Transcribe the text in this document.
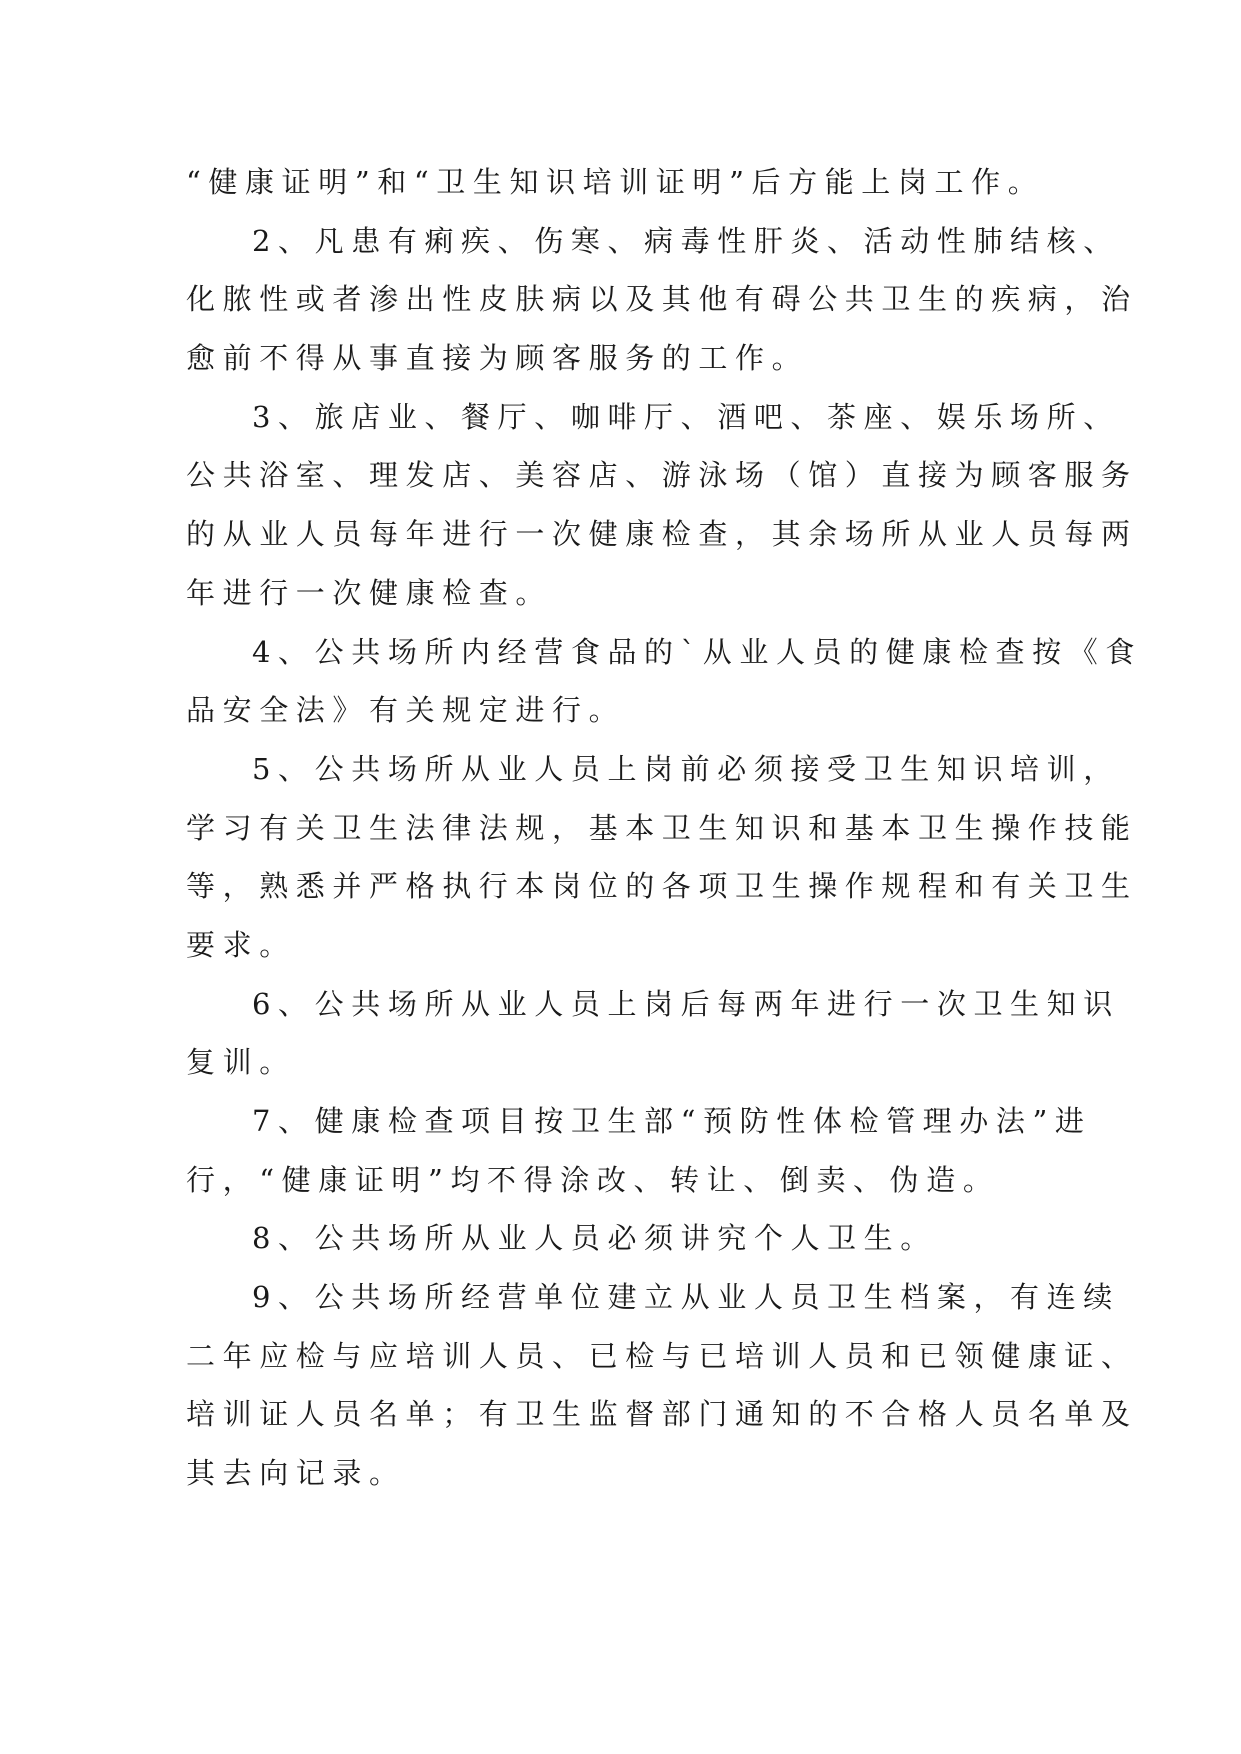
“健康证明”和“卫生知识培训证明”后方能上岗工作。
2、凡患有痢疾、伤寒、病毒性肝炎、活动性肺结核、
化脓性或者渗出性皮肤病以及其他有碍公共卫生的疾病，治
愈前不得从事直接为顾客服务的工作。
3、旅店业、餐厅、咖啡厅、酒吧、茶座、娱乐场所、
公共浴室、理发店、美容店、游泳场（馆）直接为顾客服务
的从业人员每年进行一次健康检查，其余场所从业人员每两
年进行一次健康检查。
4、公共场所内经营食品的`从业人员的健康检查按《食
品安全法》有关规定进行。
5、公共场所从业人员上岗前必须接受卫生知识培训，
学习有关卫生法律法规，基本卫生知识和基本卫生操作技能
等，熟悉并严格执行本岗位的各项卫生操作规程和有关卫生
要求。
6、公共场所从业人员上岗后每两年进行一次卫生知识
复训。
7、健康检查项目按卫生部“预防性体检管理办法”进
行，“健康证明”均不得涂改、转让、倒卖、伪造。
8、公共场所从业人员必须讲究个人卫生。
9、公共场所经营单位建立从业人员卫生档案，有连续
二年应检与应培训人员、已检与已培训人员和已领健康证、
培训证人员名单；有卫生监督部门通知的不合格人员名单及
其去向记录。
